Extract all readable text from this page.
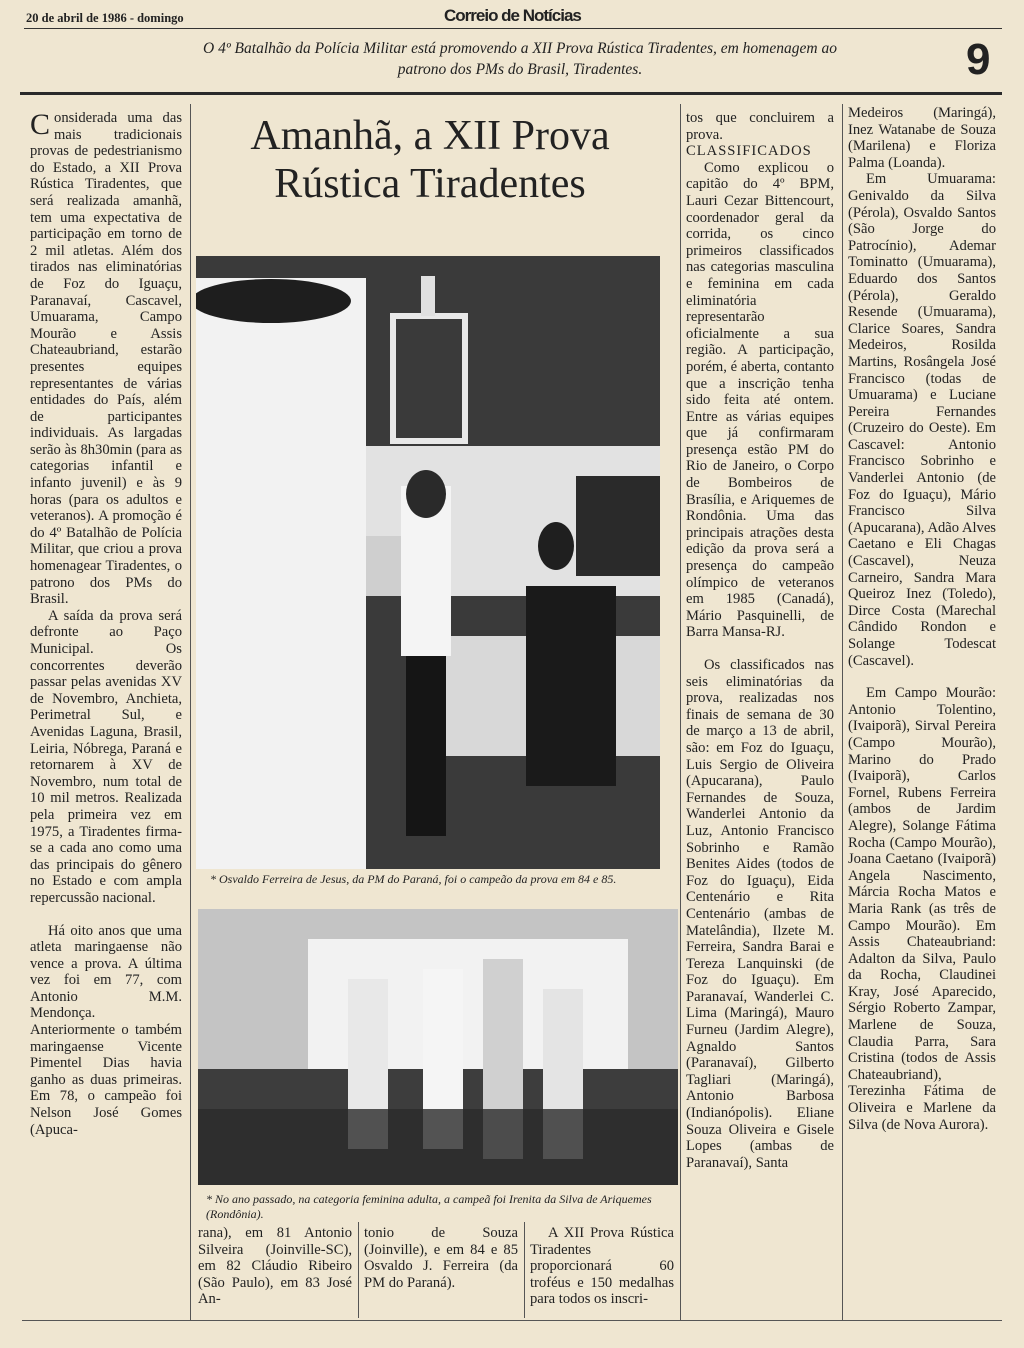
20 de abril de 1986 - domingo	Correio de Notícias
O 4º Batalhão da Polícia Militar está promovendo a XII Prova Rústica Tiradentes, em homenagem ao patrono dos PMs do Brasil, Tiradentes.	9

Considerada uma das mais tradicionais provas de pedestrianismo do Estado, a XII Prova Rústica Tiradentes, que será realizada amanhã, tem uma expectativa de participação em torno de 2 mil atletas. Além dos tirados nas eliminatórias de Foz do Iguaçu, Paranavaí, Cascavel, Umuarama, Campo Mourão e Assis Chateaubriand, estarão presentes equipes representantes de várias entidades do País, além de participantes individuais. As largadas serão às 8h30min (para as categorias infantil e infanto juvenil) e às 9 horas (para os adultos e veteranos). A promoção é do 4º Batalhão de Polícia Militar, que criou a prova homenagear Tiradentes, o patrono dos PMs do Brasil.

A saída da prova será defronte ao Paço Municipal. Os concorrentes deverão passar pelas avenidas XV de Novembro, Anchieta, Perimetral Sul, e Avenidas Laguna, Brasil, Leiria, Nóbrega, Paraná e retornarem à XV de Novembro, num total de 10 mil metros. Realizada pela primeira vez em 1975, a Tiradentes firma-se a cada ano como uma das principais do gênero no Estado e com ampla repercussão nacional.

Há oito anos que uma atleta maringaense não vence a prova. A última vez foi em 77, com Antonio M.M. Mendonça. Anteriormente o também maringaense Vicente Pimentel Dias havia ganho as duas primeiras. Em 78, o campeão foi Nelson José Gomes (Apuca-

Amanhã, a XII Prova Rústica Tiradentes
* Osvaldo Ferreira de Jesus, da PM do Paraná, foi o campeão da prova em 84 e 85.
* No ano passado, na categoria feminina adulta, a campeã foi Irenita da Silva de Ariquemes (Rondônia).

rana), em 81 Antonio Silveira (Joinville-SC), em 82 Cláudio Ribeiro (São Paulo), em 83 José An-

tonio de Souza (Joinville), e em 84 e 85 Osvaldo J. Ferreira (da PM do Paraná).

A XII Prova Rústica Tiradentes proporcionará 60 troféus e 150 medalhas para todos os inscri-

tos que concluirem a prova.

CLASSIFICADOS

Como explicou o capitão do 4º BPM, Lauri Cezar Bittencourt, coordenador geral da corrida, os cinco primeiros classificados nas categorias masculina e feminina em cada eliminatória representarão oficialmente a sua região. A participação, porém, é aberta, contanto que a inscrição tenha sido feita até ontem. Entre as várias equipes que já confirmaram presença estão PM do Rio de Janeiro, o Corpo de Bombeiros de Brasília, e Ariquemes de Rondônia. Uma das principais atrações desta edição da prova será a presença do campeão olímpico de veteranos em 1985 (Canadá), Mário Pasquinelli, de Barra Mansa-RJ.

Os classificados nas seis eliminatórias da prova, realizadas nos finais de semana de 30 de março a 13 de abril, são: em Foz do Iguaçu, Luis Sergio de Oliveira (Apucarana), Paulo Fernandes de Souza, Wanderlei Antonio da Luz, Antonio Francisco Sobrinho e Ramão Benites Aides (todos de Foz do Iguaçu), Eida Centenário e Rita Centenário (ambas de Matelândia), Ilzete M. Ferreira, Sandra Barai e Tereza Lanquinski (de Foz do Iguaçu). Em Paranavaí, Wanderlei C. Lima (Maringá), Mauro Furneu (Jardim Alegre), Agnaldo Santos (Paranavaí), Gilberto Tagliari (Maringá), Antonio Barbosa (Indianópolis). Eliane Souza Oliveira e Gisele Lopes (ambas de Paranavaí), Santa

Medeiros (Maringá), Inez Watanabe de Souza (Marilena) e Floriza Palma (Loanda).

Em Umuarama: Genivaldo da Silva (Pérola), Osvaldo Santos (São Jorge do Patrocínio), Ademar Tominatto (Umuarama), Eduardo dos Santos (Pérola), Geraldo Resende (Umuarama), Clarice Soares, Sandra Medeiros, Rosilda Martins, Rosângela José Francisco (todas de Umuarama) e Luciane Pereira Fernandes (Cruzeiro do Oeste). Em Cascavel: Antonio Francisco Sobrinho e Vanderlei Antonio (de Foz do Iguaçu), Mário Francisco Silva (Apucarana), Adão Alves Caetano e Eli Chagas (Cascavel), Neuza Carneiro, Sandra Mara Queiroz Inez (Toledo), Dirce Costa (Marechal Cândido Rondon e Solange Todescat (Cascavel).

Em Campo Mourão: Antonio Tolentino, (Ivaiporã), Sirval Pereira (Campo Mourão), Marino do Prado (Ivaiporã), Carlos Fornel, Rubens Ferreira (ambos de Jardim Alegre), Solange Fátima Rocha (Campo Mourão), Joana Caetano (Ivaiporã) Angela Nascimento, Márcia Rocha Matos e Maria Rank (as três de Campo Mourão). Em Assis Chateaubriand: Adalton da Silva, Paulo da Rocha, Claudinei Kray, José Aparecido, Sérgio Roberto Zampar, Marlene de Souza, Claudia Parra, Sara Cristina (todos de Assis Chateaubriand), Terezinha Fátima de Oliveira e Marlene da Silva (de Nova Aurora).
